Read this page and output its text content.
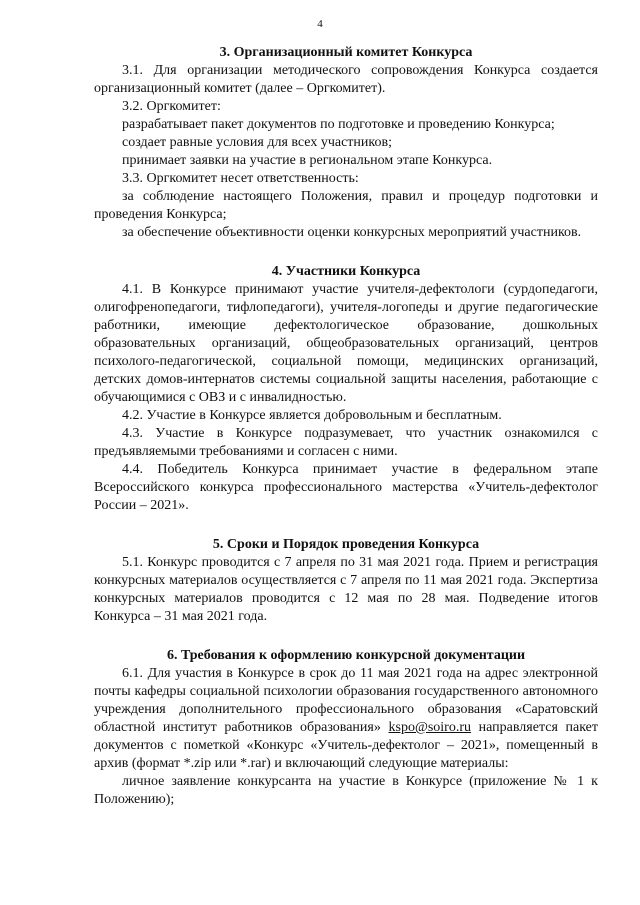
4
3. Организационный комитет Конкурса

3.1. Для организации методического сопровождения Конкурса создается организационный комитет (далее – Оргкомитет).

3.2. Оргкомитет:

разрабатывает пакет документов по подготовке и проведению Конкурса;

создает равные условия для всех участников;

принимает заявки на участие в региональном этапе Конкурса.

3.3. Оргкомитет несет ответственность:

за соблюдение настоящего Положения, правил и процедур подготовки и проведения Конкурса;

за обеспечение объективности оценки конкурсных мероприятий участников.

4. Участники Конкурса

4.1. В Конкурсе принимают участие учителя-дефектологи (сурдопедагоги, олигофренопедагоги, тифлопедагоги), учителя-логопеды и другие педагогические работники, имеющие дефектологическое образование, дошкольных образовательных организаций, общеобразовательных организаций, центров психолого-педагогической, социальной помощи, медицинских организаций, детских домов-интернатов системы социальной защиты населения, работающие с обучающимися с ОВЗ и с инвалидностью.

4.2. Участие в Конкурсе является добровольным и бесплатным.

4.3. Участие в Конкурсе подразумевает, что участник ознакомился с предъявляемыми требованиями и согласен с ними.

4.4. Победитель Конкурса принимает участие в федеральном этапе Всероссийского конкурса профессионального мастерства «Учитель-дефектолог России – 2021».

5. Сроки и Порядок проведения Конкурса

5.1. Конкурс проводится с 7 апреля по 31 мая 2021 года. Прием и регистрация конкурсных материалов осуществляется с 7 апреля по 11 мая 2021 года. Экспертиза конкурсных материалов проводится с 12 мая по 28 мая. Подведение итогов Конкурса – 31 мая 2021 года.

6. Требования к оформлению конкурсной документации

6.1. Для участия в Конкурсе в срок до 11 мая 2021 года на адрес электронной почты кафедры социальной психологии образования государственного автономного учреждения дополнительного профессионального образования «Саратовский областной институт работников образования» kspo@soiro.ru направляется пакет документов с пометкой «Конкурс «Учитель-дефектолог – 2021», помещенный в архив (формат *.zip или *.rar) и включающий следующие материалы:

личное заявление конкурсанта на участие в Конкурсе (приложение № 1 к Положению);
